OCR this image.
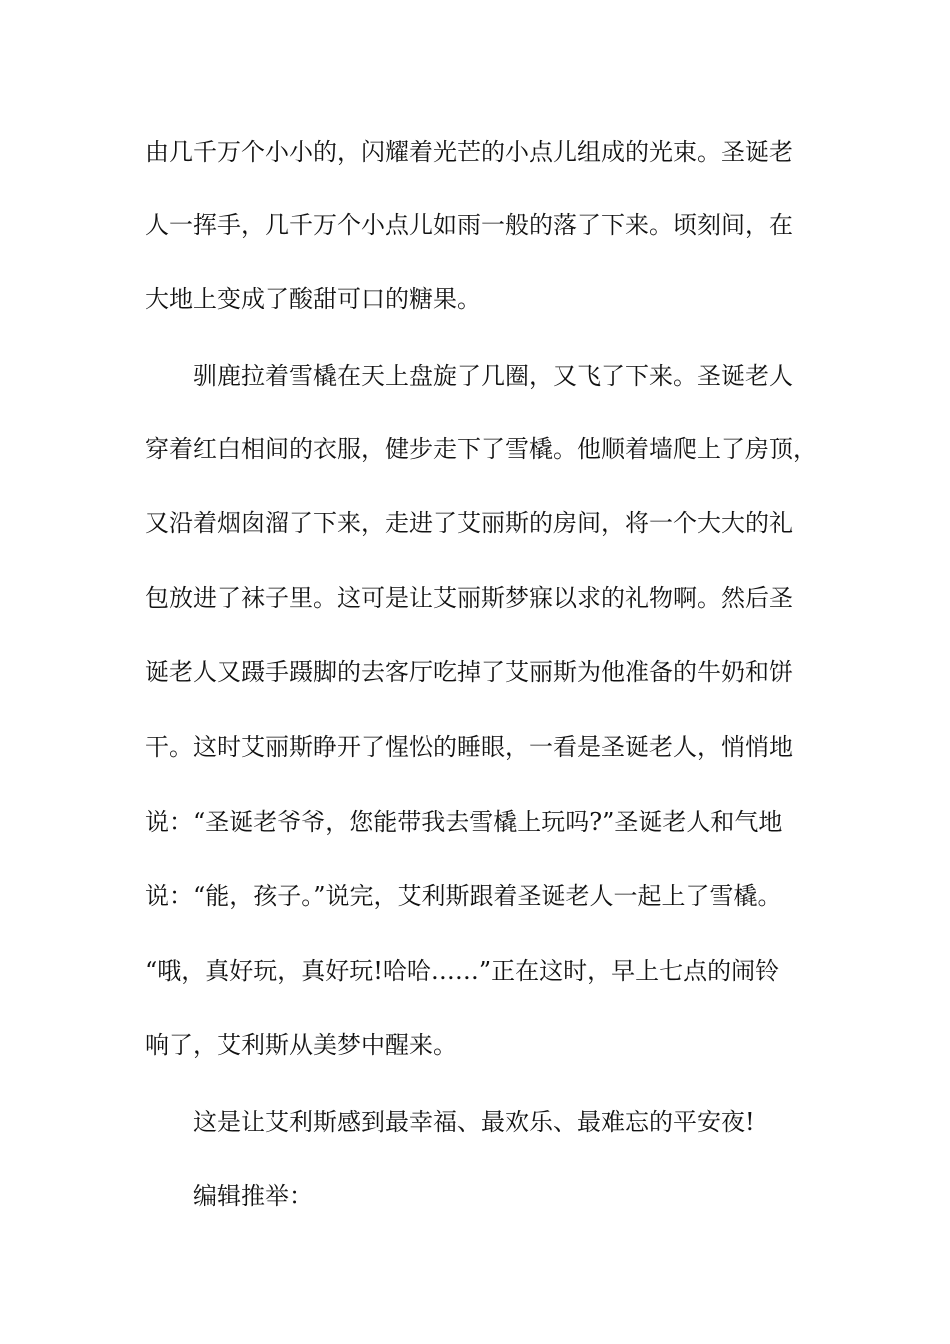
由几千万个小小的，闪耀着光芒的小点儿组成的光束。圣诞老
人一挥手，几千万个小点儿如雨一般的落了下来。顷刻间，在
大地上变成了酸甜可口的糖果。
驯鹿拉着雪橇在天上盘旋了几圈，又飞了下来。圣诞老人
穿着红白相间的衣服，健步走下了雪橇。他顺着墙爬上了房顶，
又沿着烟囱溜了下来，走进了艾丽斯的房间，将一个大大的礼
包放进了袜子里。这可是让艾丽斯梦寐以求的礼物啊。然后圣
诞老人又蹑手蹑脚的去客厅吃掉了艾丽斯为他准备的牛奶和饼
干。这时艾丽斯睁开了惺忪的睡眼，一看是圣诞老人，悄悄地
说：“圣诞老爷爷，您能带我去雪橇上玩吗?”圣诞老人和气地
说：“能，孩子。”说完，艾利斯跟着圣诞老人一起上了雪橇。
“哦，真好玩，真好玩!哈哈……”正在这时，早上七点的闹铃
响了，艾利斯从美梦中醒来。
这是让艾利斯感到最幸福、最欢乐、最难忘的平安夜!
编辑推举：
